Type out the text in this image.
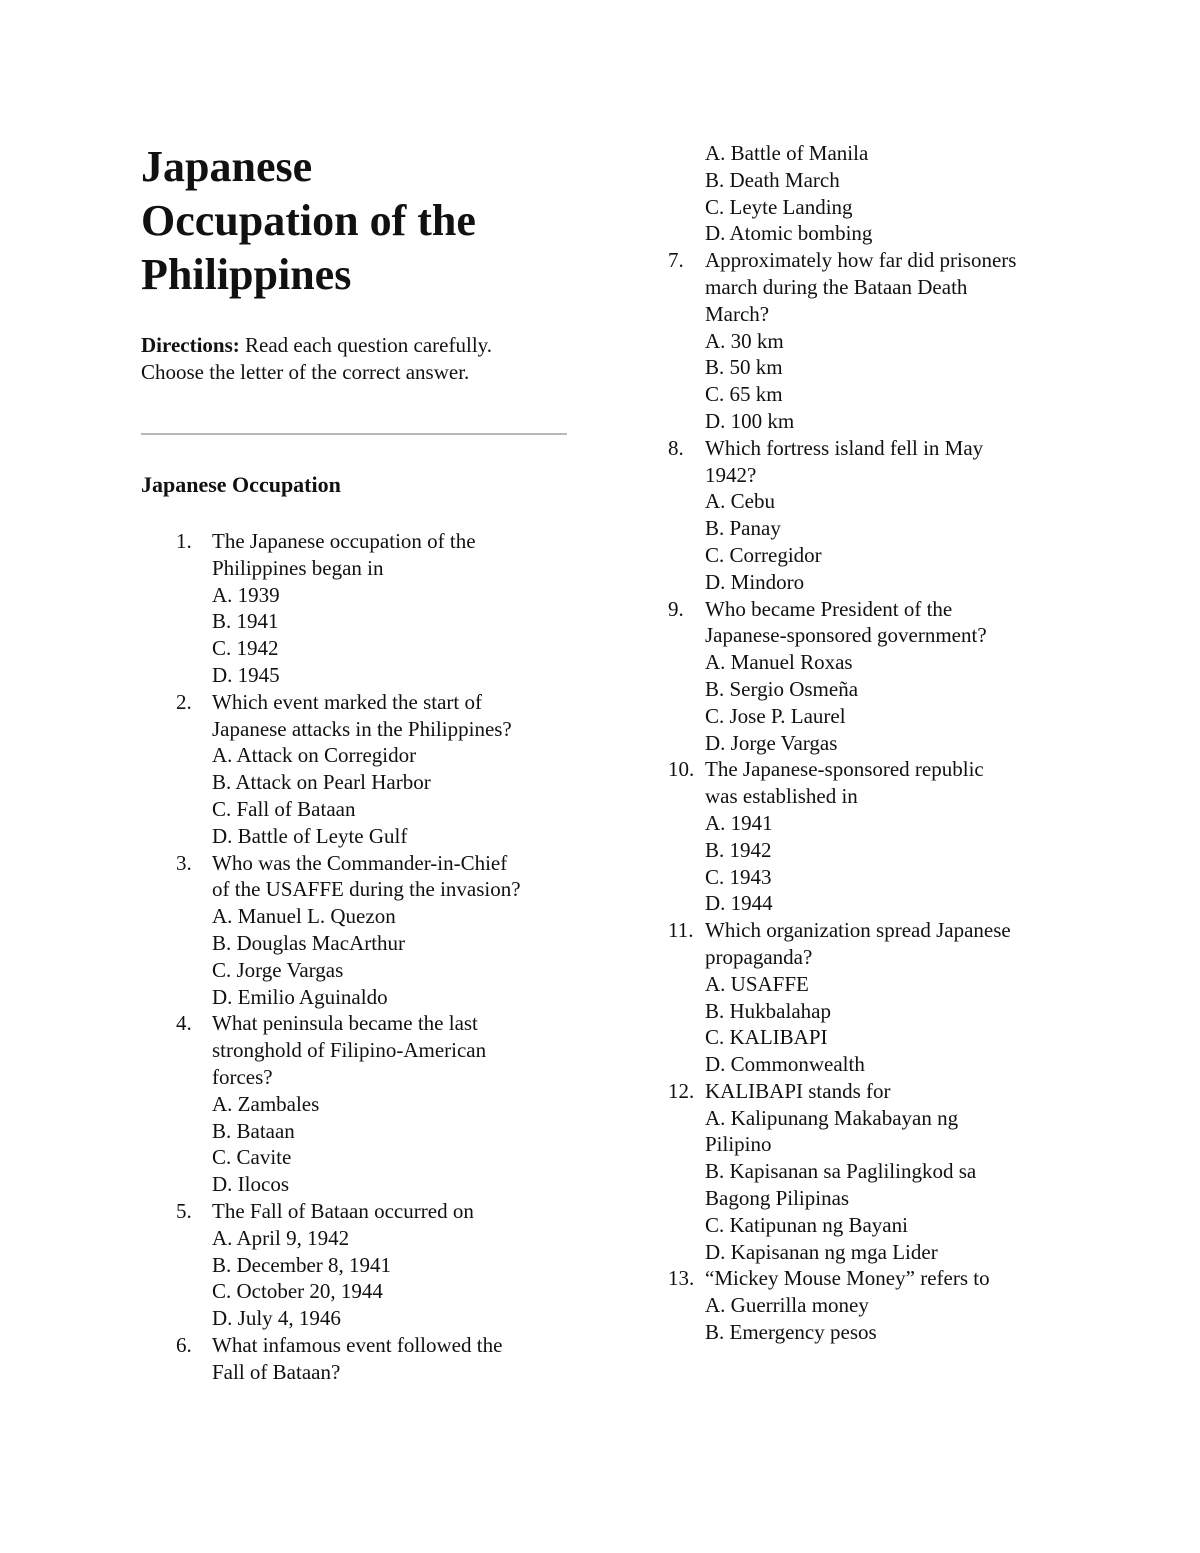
Japanese
Occupation of the
Philippines
Directions: Read each question carefully.
Choose the letter of the correct answer.
Japanese Occupation
1. The Japanese occupation of the
Philippines began in
A. 1939
B. 1941
C. 1942
D. 1945
2. Which event marked the start of
Japanese attacks in the Philippines?
A. Attack on Corregidor
B. Attack on Pearl Harbor
C. Fall of Bataan
D. Battle of Leyte Gulf
3. Who was the Commander-in-Chief
of the USAFFE during the invasion?
A. Manuel L. Quezon
B. Douglas MacArthur
C. Jorge Vargas
D. Emilio Aguinaldo
4. What peninsula became the last
stronghold of Filipino-American
forces?
A. Zambales
B. Bataan
C. Cavite
D. Ilocos
5. The Fall of Bataan occurred on
A. April 9, 1942
B. December 8, 1941
C. October 20, 1944
D. July 4, 1946
6. What infamous event followed the
Fall of Bataan?
A. Battle of Manila
B. Death March
C. Leyte Landing
D. Atomic bombing
7. Approximately how far did prisoners
march during the Bataan Death
March?
A. 30 km
B. 50 km
C. 65 km
D. 100 km
8. Which fortress island fell in May
1942?
A. Cebu
B. Panay
C. Corregidor
D. Mindoro
9. Who became President of the
Japanese-sponsored government?
A. Manuel Roxas
B. Sergio Osmeña
C. Jose P. Laurel
D. Jorge Vargas
10. The Japanese-sponsored republic
was established in
A. 1941
B. 1942
C. 1943
D. 1944
11. Which organization spread Japanese
propaganda?
A. USAFFE
B. Hukbalahap
C. KALIBAPI
D. Commonwealth
12. KALIBAPI stands for
A. Kalipunang Makabayan ng
Pilipino
B. Kapisanan sa Paglilingkod sa
Bagong Pilipinas
C. Katipunan ng Bayani
D. Kapisanan ng mga Lider
13. “Mickey Mouse Money” refers to
A. Guerrilla money
B. Emergency pesos
